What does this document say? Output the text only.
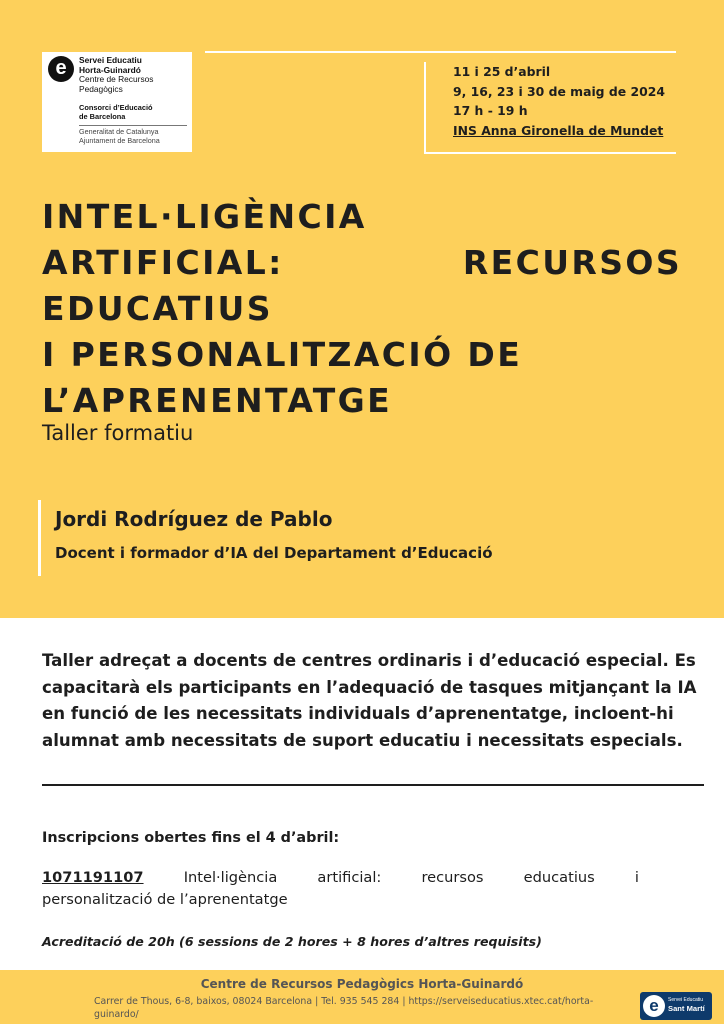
e	Servei Educatiu
Horta-Guinardó
Centre de Recursos
Pedagògics
Consorci d’Educació
de Barcelona
Generalitat de Catalunya
Ajuntament de Barcelona
11 i 25 d’abril
9, 16, 23 i 30 de maig de 2024
17 h - 19 h
INS Anna Gironella de Mundet
INTEL·LIGÈNCIA
ARTIFICIAL:	RECURSOS
EDUCATIUS
I PERSONALITZACIÓ DE
L’APRENENTATGE
Taller formatiu
Jordi Rodríguez de Pablo
Docent i formador d’IA del Departament d’Educació

Taller adreçat a docents de centres ordinaris i d’educació especial. Es capacitarà els participants en l’adequació de tasques mitjançant la IA en funció de les necessitats individuals d’aprenentatge, incloent-hi alumnat amb necessitats de suport educatiu i necessitats especials.

Inscripcions obertes fins el 4 d’abril:
1071191107	Intel·ligència	artificial:	recursos	educatius	i
personalització de l’aprenentatge
Acreditació de 20h (6 sessions de 2 hores + 8 hores d’altres requisits)
Centre de Recursos Pedagògics Horta-Guinardó
Carrer de Thous, 6-8, baixos, 08024 Barcelona | Tel. 935 545 284 | https://serveiseducatius.xtec.cat/horta-guinardo/	e	Servei Educatiu
Sant Martí
